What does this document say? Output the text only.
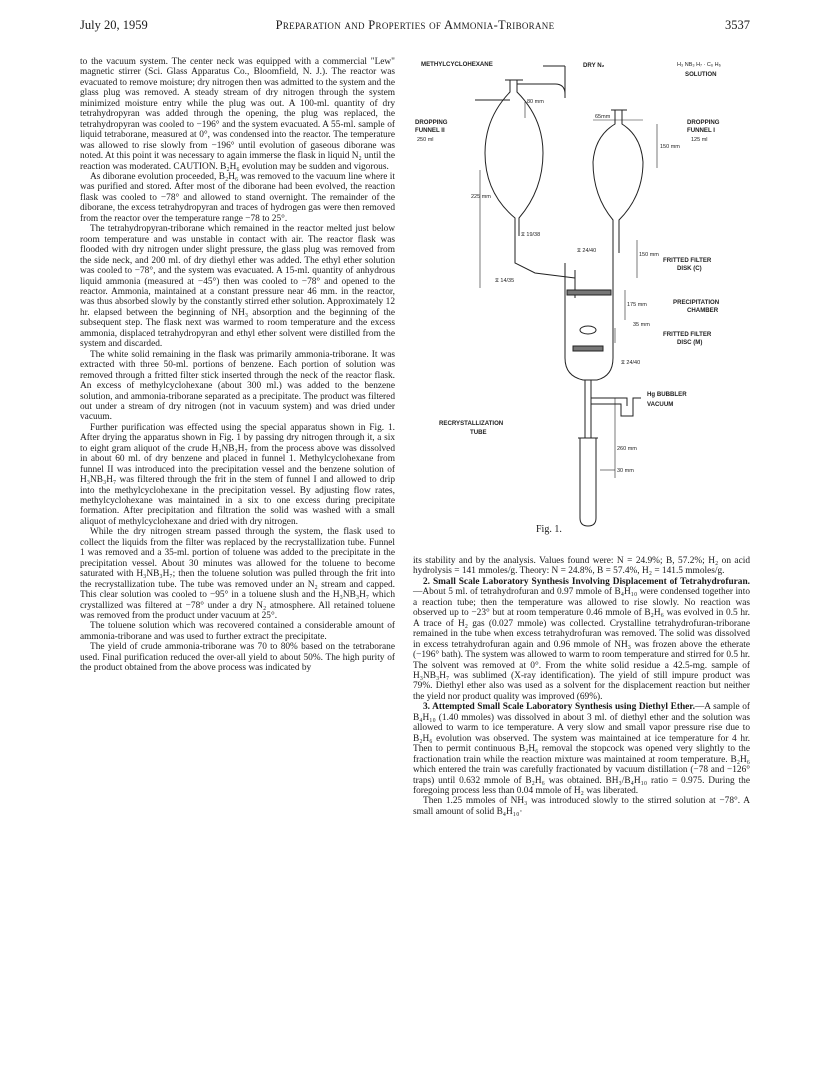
July 20, 1959	Preparation and Properties of Ammonia-Triborane	3537

to the vacuum system. The center neck was equipped with a commercial "Lew" magnetic stirrer (Sci. Glass Apparatus Co., Bloomfield, N. J.). The reactor was evacuated to remove moisture; dry nitrogen then was admitted to the system and the glass plug was removed. A steady stream of dry nitrogen through the system minimized moisture entry while the plug was out. A 100-ml. quantity of dry tetrahydropyran was added through the opening, the plug was replaced, the tetrahydropyran was cooled to −196° and the system evacuated. A 55-ml. sample of liquid tetraborane, measured at 0°, was condensed into the reactor. The temperature was allowed to rise slowly from −196° until evolution of gaseous diborane was noted. At this point it was necessary to again immerse the flask in liquid N₂ until the reaction was moderated. CAUTION. B₂H₆ evolution may be sudden and vigorous.

As diborane evolution proceeded, B₂H₆ was removed to the vacuum line where it was purified and stored. After most of the diborane had been evolved, the reaction flask was cooled to −78° and allowed to stand overnight. The remainder of the diborane, the excess tetrahydropyran and traces of hydrogen gas were then removed from the reactor over the temperature range −78 to 25°.

The tetrahydropyran-triborane which remained in the reactor melted just below room temperature and was unstable in contact with air. The reactor flask was flooded with dry nitrogen under slight pressure, the glass plug was removed from the side neck, and 200 ml. of dry diethyl ether was added. The ethyl ether solution was cooled to −78°, and the system was evacuated. A 15-ml. quantity of anhydrous liquid ammonia (measured at −45°) then was cooled to −78° and opened to the reactor. Ammonia, maintained at a constant pressure near 46 mm. in the reactor, was thus absorbed slowly by the constantly stirred ether solution. Approximately 12 hr. elapsed between the beginning of NH₃ absorption and the beginning of the subsequent step. The flask next was warmed to room temperature and the excess ammonia, displaced tetrahydropyran and ethyl ether solvent were distilled from the system and discarded.

The white solid remaining in the flask was primarily ammonia-triborane. It was extracted with three 50-ml. portions of benzene. Each portion of solution was removed through a fritted filter stick inserted through the neck of the reactor flask. An excess of methylcyclohexane (about 300 ml.) was added to the benzene solution, and ammonia-triborane separated as a precipitate. The product was filtered out under a stream of dry nitrogen (not in vacuum system) and was dried under vacuum.

Further purification was effected using the special apparatus shown in Fig. 1. After drying the apparatus shown in Fig. 1 by passing dry nitrogen through it, a six to eight gram aliquot of the crude H₃NB₃H₇ from the process above was dissolved in about 60 ml. of dry benzene and placed in funnel 1. Methylcyclohexane from funnel II was introduced into the precipitation vessel and the benzene solution of H₃NB₃H₇ was filtered through the frit in the stem of funnel I and allowed to drip into the methylcyclohexane in the precipitation vessel. By adjusting flow rates, methylcyclohexane was maintained in a six to one excess during precipitate formation. After precipitation and filtration the solid was washed with a small aliquot of methylcyclohexane and dried with dry nitrogen.

While the dry nitrogen stream passed through the system, the flask used to collect the liquids from the filter was replaced by the recrystallization tube. Funnel 1 was removed and a 35-ml. portion of toluene was added to the precipitate in the precipitation vessel. About 30 minutes was allowed for the toluene to become saturated with H₃NB₃H₇; then the toluene solution was pulled through the frit into the recrystallization tube. The tube was removed under an N₂ stream and capped. This clear solution was cooled to −95° in a toluene slush and the H₃NB₃H₇ which crystallized was filtered at −78° under a dry N₂ atmosphere. All retained toluene was removed from the product under vacuum at 25°.

The toluene solution which was recovered contained a considerable amount of ammonia-triborane and was used to further extract the precipitate.

The yield of crude ammonia-triborane was 70 to 80% based on the tetraborane used. Final purification reduced the over-all yield to about 50%. The high purity of the product obtained from the above process was indicated by

METHYLCYCLOHEXANE	DRY N₂	H₃ NB₃ H₇ · C₆ H₆
SOLUTION
DROPPING
FUNNEL II
250 ml
DROPPING
FUNNEL I
125 ml
80 mm
65mm
150 mm
225 mm
150 mm
175 mm
⧖ 19/38
⧖ 24/40
⧖ 14/35
FRITTED FILTER
DISK (C)
PRECIPITATION
CHAMBER
35 mm
FRITTED FILTER
DISC (M)
⧖ 24/40
Hg BUBBLER
VACUUM
RECRYSTALLIZATION
TUBE
260 mm
30 mm
Fig. 1.

its stability and by the analysis. Values found were: N = 24.9%; B, 57.2%; H₂ on acid hydrolysis = 141 mmoles/g. Theory: N = 24.8%, B = 57.4%, H₂ = 141.5 mmoles/g.

2. Small Scale Laboratory Synthesis Involving Displacement of Tetrahydrofuran.—About 5 ml. of tetrahydrofuran and 0.97 mmole of B₄H₁₀ were condensed together into a reaction tube; then the temperature was allowed to rise slowly. No reaction was observed up to −23° but at room temperature 0.46 mmole of B₂H₆ was evolved in 0.5 hr. A trace of H₂ gas (0.027 mmole) was collected. Crystalline tetrahydrofuran-triborane remained in the tube when excess tetrahydrofuran was removed. The solid was dissolved in excess tetrahydrofuran again and 0.96 mmole of NH₃ was frozen above the etherate (−196° bath). The system was allowed to warm to room temperature and stirred for 0.5 hr. The solvent was removed at 0°. From the white solid residue a 42.5-mg. sample of H₃NB₃H₇ was sublimed (X-ray identification). The yield of still impure product was 79%. Diethyl ether also was used as a solvent for the displacement reaction but neither the yield nor product quality was improved (69%).

3. Attempted Small Scale Laboratory Synthesis using Diethyl Ether.—A sample of B₄H₁₀ (1.40 mmoles) was dissolved in about 3 ml. of diethyl ether and the solution was allowed to warm to ice temperature. A very slow and small vapor pressure rise due to B₂H₆ evolution was observed. The system was maintained at ice temperature for 4 hr. Then to permit continuous B₂H₆ removal the stopcock was opened very slightly to the fractionation train while the reaction mixture was maintained at room temperature. B₂H₆ which entered the train was carefully fractionated by vacuum distillation (−78 and −126° traps) until 0.632 mmole of B₂H₆ was obtained. BH₃/B₄H₁₀ ratio = 0.975. During the foregoing process less than 0.04 mmole of H₂ was liberated.

Then 1.25 mmoles of NH₃ was introduced slowly to the stirred solution at −78°. A small amount of solid B₄H₁₀·
